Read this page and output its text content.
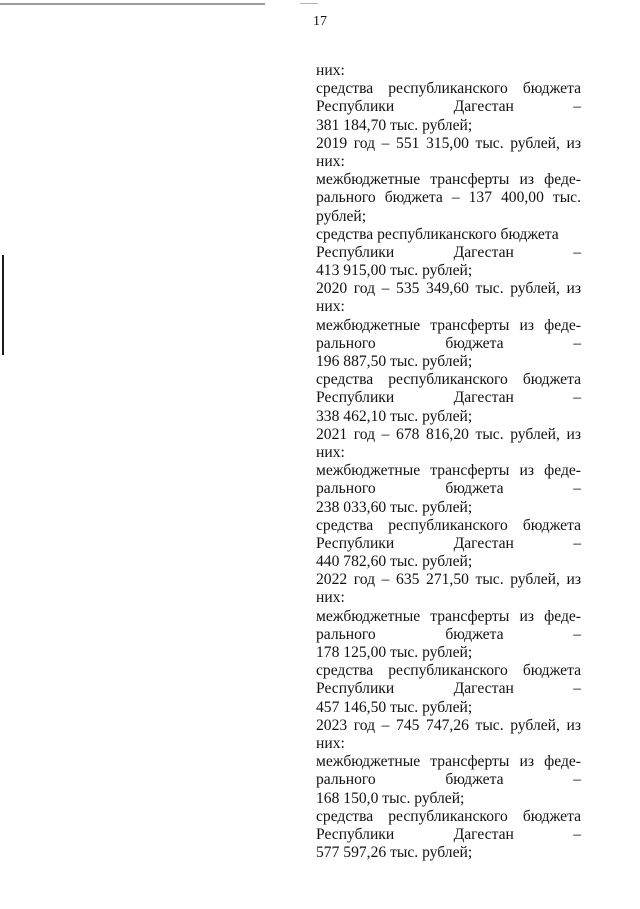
17
них:
средства республиканского бюджета
Республики Дагестан –
381 184,70 тыс. рублей;
2019 год – 551 315,00 тыс. рублей, из
них:
межбюджетные трансферты из феде-
рального бюджета – 137 400,00 тыс.
рублей;
средства республиканского бюджета
Республики Дагестан –
413 915,00 тыс. рублей;
2020 год – 535 349,60 тыс. рублей, из
них:
межбюджетные трансферты из феде-
рального бюджета –
196 887,50 тыс. рублей;
средства республиканского бюджета
Республики Дагестан –
338 462,10 тыс. рублей;
2021 год – 678 816,20 тыс. рублей, из
них:
межбюджетные трансферты из феде-
рального бюджета –
238 033,60 тыс. рублей;
средства республиканского бюджета
Республики Дагестан –
440 782,60 тыс. рублей;
2022 год – 635 271,50 тыс. рублей, из
них:
межбюджетные трансферты из феде-
рального бюджета –
178 125,00 тыс. рублей;
средства республиканского бюджета
Республики Дагестан –
457 146,50 тыс. рублей;
2023 год – 745 747,26 тыс. рублей, из
них:
межбюджетные трансферты из феде-
рального бюджета –
168 150,0 тыс. рублей;
средства республиканского бюджета
Республики Дагестан –
577 597,26 тыс. рублей;
